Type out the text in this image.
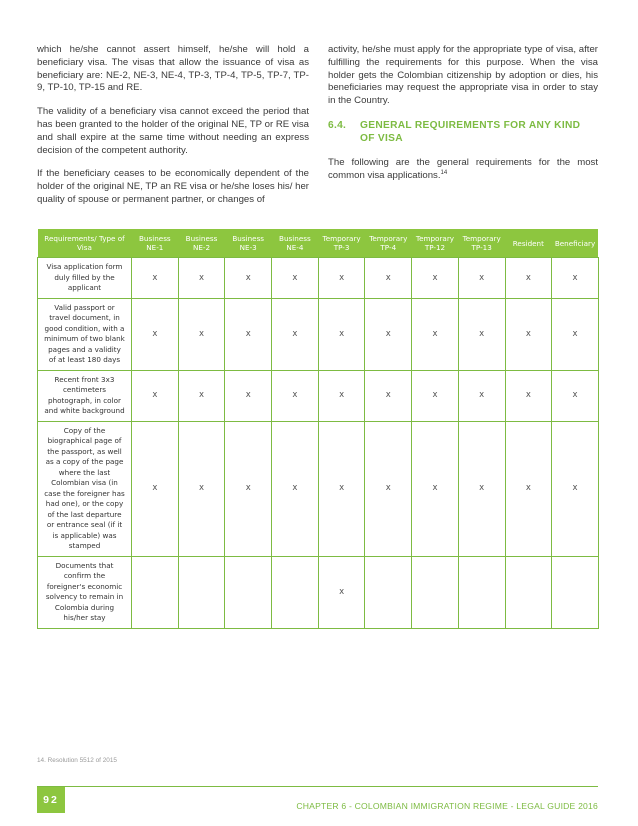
which he/she cannot assert himself, he/she will hold a beneficiary visa. The visas that allow the issuance of visa as beneficiary are: NE-2, NE-3, NE-4, TP-3, TP-4, TP-5, TP-7, TP-9, TP-10, TP-15 and RE.

The validity of a beneficiary visa cannot exceed the period that has been granted to the holder of the original NE, TP or RE visa and shall expire at the same time without needing an express decision of the competent authority.

If the beneficiary ceases to be economically dependent of the holder of the original NE, TP an RE visa or he/she loses his/ her quality of spouse or permanent partner, or changes of

activity, he/she must apply for the appropriate type of visa, after fulfilling the requirements for this purpose. When the visa holder gets the Colombian citizenship by adoption or dies, his beneficiaries may request the appropriate visa in order to stay in the Country.

6.4.	GENERAL REQUIREMENTS FOR ANY KIND OF VISA

The following are the general requirements for the most common visa applications.$^{14}$

Requirements/ Type of Visa	Business NE-1	Business NE-2	Business NE-3	Business NE-4	Temporary TP-3	Temporary TP-4	Temporary TP-12	Temporary TP-13	Resident	Beneficiary
Visa application form duly filled by the applicant	x	x	x	x	x	x	x	x	x	x
Valid passport or travel document, in good condition, with a minimum of two blank pages and a validity of at least 180 days	x	x	x	x	x	x	x	x	x	x
Recent front 3x3 centimeters photograph, in color and white background	x	x	x	x	x	x	x	x	x	x
Copy of the biographical page of the passport, as well as a copy of the page where the last Colombian visa (in case the foreigner has had one), or the copy of the last departure or entrance seal (if it is applicable) was stamped	x	x	x	x	x	x	x	x	x	x
Documents that confirm the foreigner's economic solvency to remain in Colombia during his/her stay					x					
14. Resolution 5512 of 2015
92	CHAPTER 6 - COLOMBIAN IMMIGRATION REGIME - LEGAL GUIDE 2016
